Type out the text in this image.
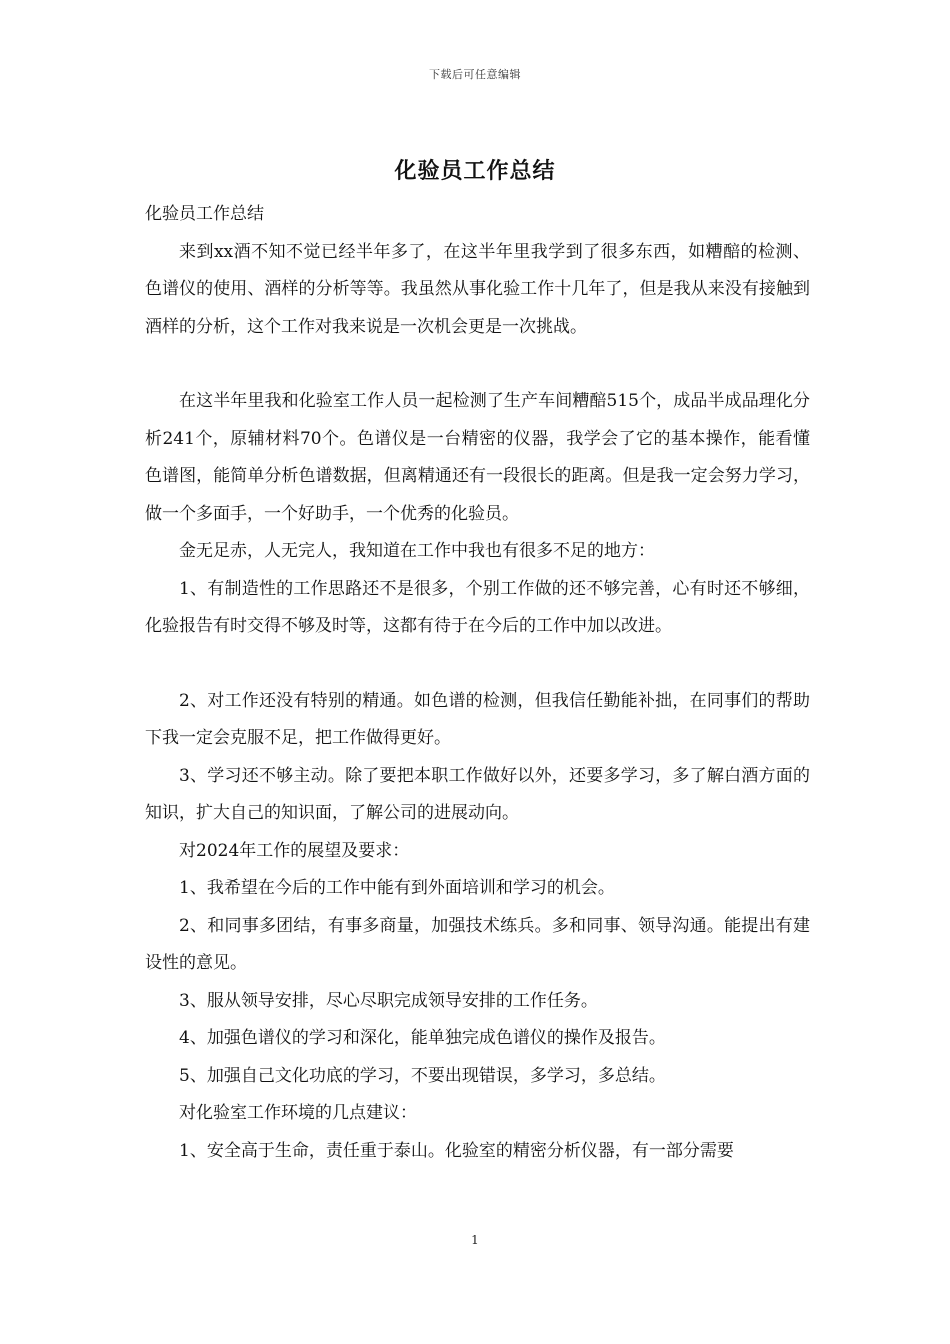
下载后可任意编辑
化验员工作总结

化验员工作总结

来到xx酒不知不觉已经半年多了，在这半年里我学到了很多东西，如糟醅的检测、色谱仪的使用、酒样的分析等等。我虽然从事化验工作十几年了，但是我从来没有接触到酒样的分析，这个工作对我来说是一次机会更是一次挑战。

在这半年里我和化验室工作人员一起检测了生产车间糟醅515个，成品半成品理化分析241个，原辅材料70个。色谱仪是一台精密的仪器，我学会了它的基本操作，能看懂色谱图，能简单分析色谱数据，但离精通还有一段很长的距离。但是我一定会努力学习，做一个多面手，一个好助手，一个优秀的化验员。

金无足赤，人无完人，我知道在工作中我也有很多不足的地方：

1、有制造性的工作思路还不是很多，个别工作做的还不够完善，心有时还不够细，化验报告有时交得不够及时等，这都有待于在今后的工作中加以改进。

2、对工作还没有特别的精通。如色谱的检测，但我信任勤能补拙，在同事们的帮助下我一定会克服不足，把工作做得更好。

3、学习还不够主动。除了要把本职工作做好以外，还要多学习，多了解白酒方面的知识，扩大自己的知识面，了解公司的进展动向。

对2024年工作的展望及要求：

1、我希望在今后的工作中能有到外面培训和学习的机会。

2、和同事多团结，有事多商量，加强技术练兵。多和同事、领导沟通。能提出有建设性的意见。

3、服从领导安排，尽心尽职完成领导安排的工作任务。

4、加强色谱仪的学习和深化，能单独完成色谱仪的操作及报告。

5、加强自己文化功底的学习，不要出现错误，多学习，多总结。

对化验室工作环境的几点建议：

1、安全高于生命，责任重于泰山。化验室的精密分析仪器，有一部分需要

1
